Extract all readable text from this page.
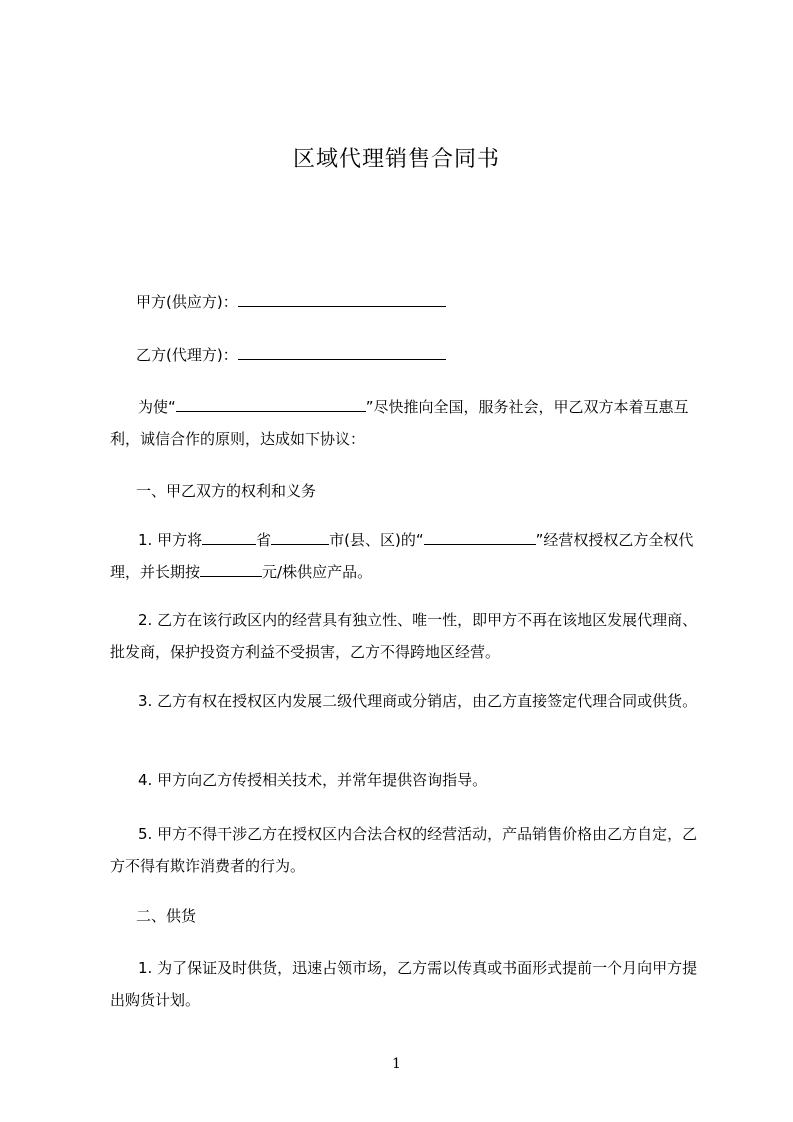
区域代理销售合同书
甲方(供应方)：
乙方(代理方)：
为使“	”尽快推向全国，服务社会，甲乙双方本着互惠互利，诚信合作的原则，达成如下协议：
一、甲乙双方的权利和义务
1. 甲方将	省	市(县、区)的“	”经营权授权乙方全权代理，并长期按	元/株供应产品。
2. 乙方在该行政区内的经营具有独立性、唯一性，即甲方不再在该地区发展代理商、批发商，保护投资方利益不受损害，乙方不得跨地区经营。
3. 乙方有权在授权区内发展二级代理商或分销店，由乙方直接签定代理合同或供货。
4. 甲方向乙方传授相关技术，并常年提供咨询指导。
5. 甲方不得干涉乙方在授权区内合法合权的经营活动，产品销售价格由乙方自定，乙方不得有欺诈消费者的行为。
二、供货
1. 为了保证及时供货，迅速占领市场，乙方需以传真或书面形式提前一个月向甲方提出购货计划。
1
